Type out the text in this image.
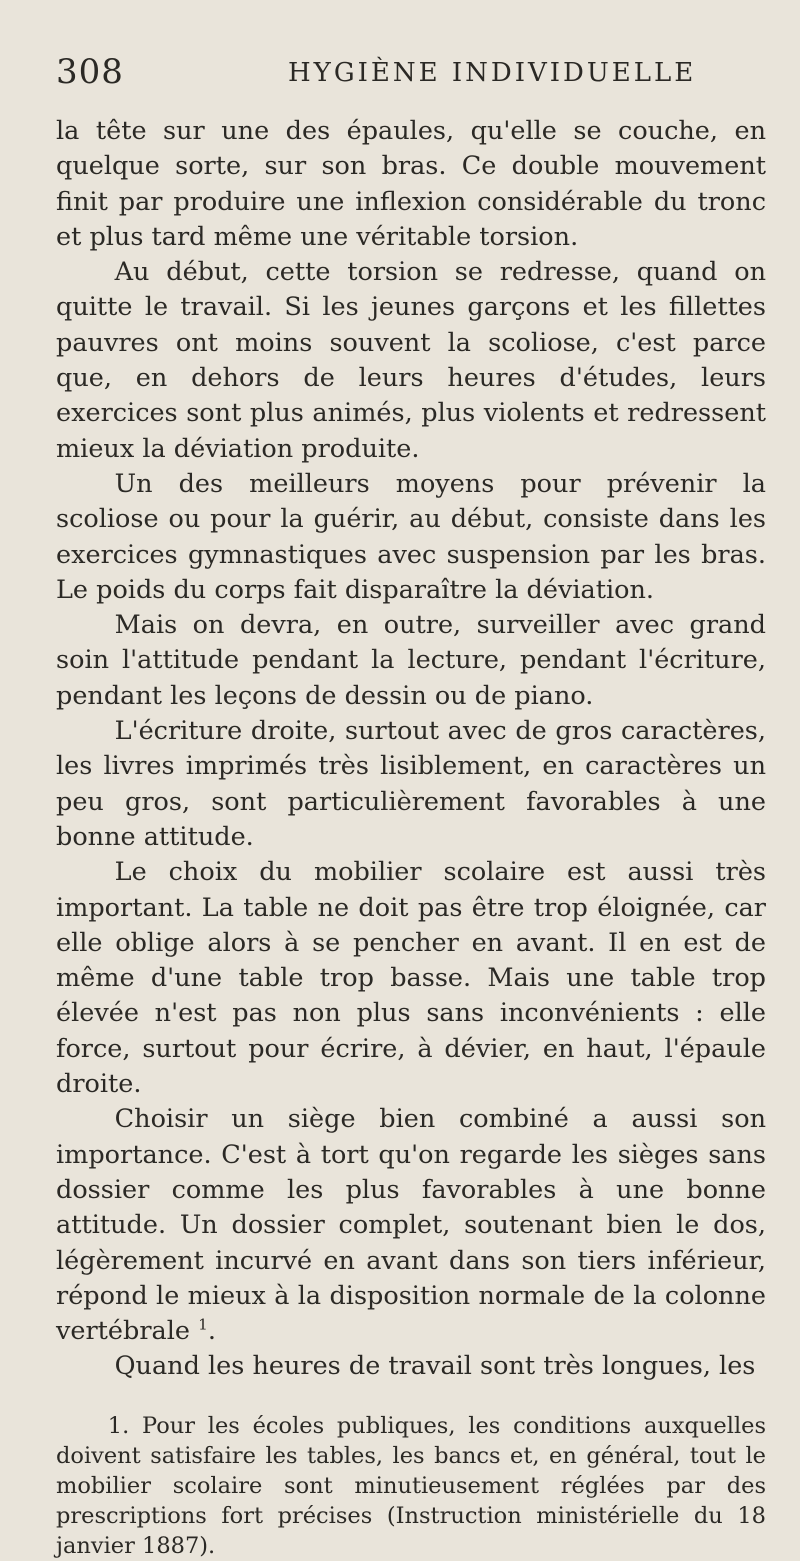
308	HYGIÈNE INDIVIDUELLE

la tête sur une des épaules, qu'elle se couche, en quelque sorte, sur son bras. Ce double mouvement finit par produire une inflexion considérable du tronc et plus tard même une véritable torsion.

Au début, cette torsion se redresse, quand on quitte le travail. Si les jeunes garçons et les fillettes pauvres ont moins souvent la scoliose, c'est parce que, en dehors de leurs heures d'études, leurs exercices sont plus animés, plus violents et redressent mieux la déviation produite.

Un des meilleurs moyens pour prévenir la scoliose ou pour la guérir, au début, consiste dans les exercices gymnastiques avec suspension par les bras. Le poids du corps fait disparaître la déviation.

Mais on devra, en outre, surveiller avec grand soin l'attitude pendant la lecture, pendant l'écriture, pendant les leçons de dessin ou de piano.

L'écriture droite, surtout avec de gros caractères, les livres imprimés très lisiblement, en caractères un peu gros, sont particulièrement favorables à une bonne attitude.

Le choix du mobilier scolaire est aussi très important. La table ne doit pas être trop éloignée, car elle oblige alors à se pencher en avant. Il en est de même d'une table trop basse. Mais une table trop élevée n'est pas non plus sans inconvénients : elle force, surtout pour écrire, à dévier, en haut, l'épaule droite.

Choisir un siège bien combiné a aussi son importance. C'est à tort qu'on regarde les sièges sans dossier comme les plus favorables à une bonne attitude. Un dossier complet, soutenant bien le dos, légèrement incurvé en avant dans son tiers inférieur, répond le mieux à la disposition normale de la colonne vertébrale $^1$.

Quand les heures de travail sont très longues, les

1. Pour les écoles publiques, les conditions auxquelles doivent satisfaire les tables, les bancs et, en général, tout le mobilier scolaire sont minutieusement réglées par des prescriptions fort précises (Instruction ministérielle du 18 janvier 1887).
